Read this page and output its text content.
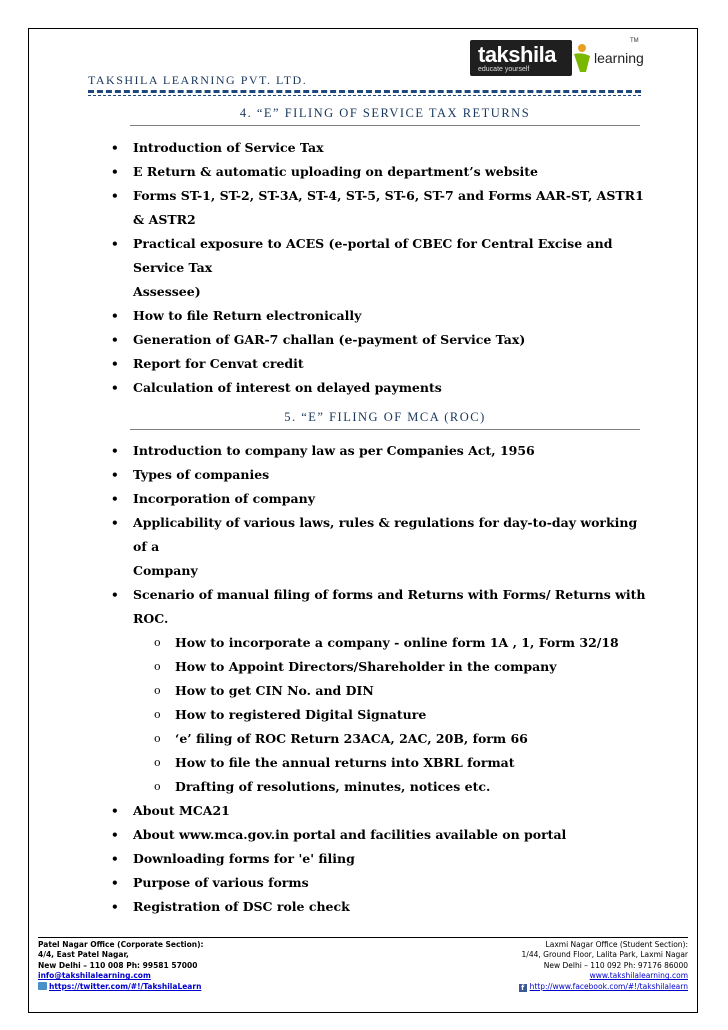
takshila
educate yourself
learning
TM
TAKSHILA LEARNING PVT. LTD.
4. “E” FILING OF SERVICE TAX RETURNS
• Introduction of Service Tax
• E Return & automatic uploading on department’s website
• Forms ST-1, ST-2, ST-3A, ST-4, ST-5, ST-6, ST-7 and Forms AAR-ST, ASTR1 & ASTR2
• Practical exposure to ACES (e-portal of CBEC for Central Excise and Service Tax
Assessee)
• How to file Return electronically
• Generation of GAR-7 challan (e-payment of Service Tax)
• Report for Cenvat credit
• Calculation of interest on delayed payments
5. “E” FILING OF MCA (ROC)
• Introduction to company law as per Companies Act, 1956
• Types of companies
• Incorporation of company
• Applicability of various laws, rules & regulations for day-to-day working of a
Company
• Scenario of manual filing of forms and Returns with Forms/ Returns with ROC.
o How to incorporate a company - online form 1A , 1, Form 32/18
o How to Appoint Directors/Shareholder in the company
o How to get CIN No. and DIN
o How to registered Digital Signature
o ‘e’ filing of ROC Return 23ACA, 2AC, 20B, form 66
o How to file the annual returns into XBRL format
o Drafting of resolutions, minutes, notices etc.
• About MCA21
• About www.mca.gov.in portal and facilities available on portal
• Downloading forms for 'e' filing
• Purpose of various forms
• Registration of DSC role check
Patel Nagar Office (Corporate Section):
4/4, East Patel Nagar,
New Delhi – 110 008 Ph: 99581 57000
info@takshilalearning.com
https://twitter.com/#!/TakshilaLearn
Laxmi Nagar Office (Student Section):
1/44, Ground Floor, Lalita Park, Laxmi Nagar
New Delhi – 110 092 Ph: 97176 86000
www.takshilalearning.com
f http://www.facebook.com/#!/takshilalearn
